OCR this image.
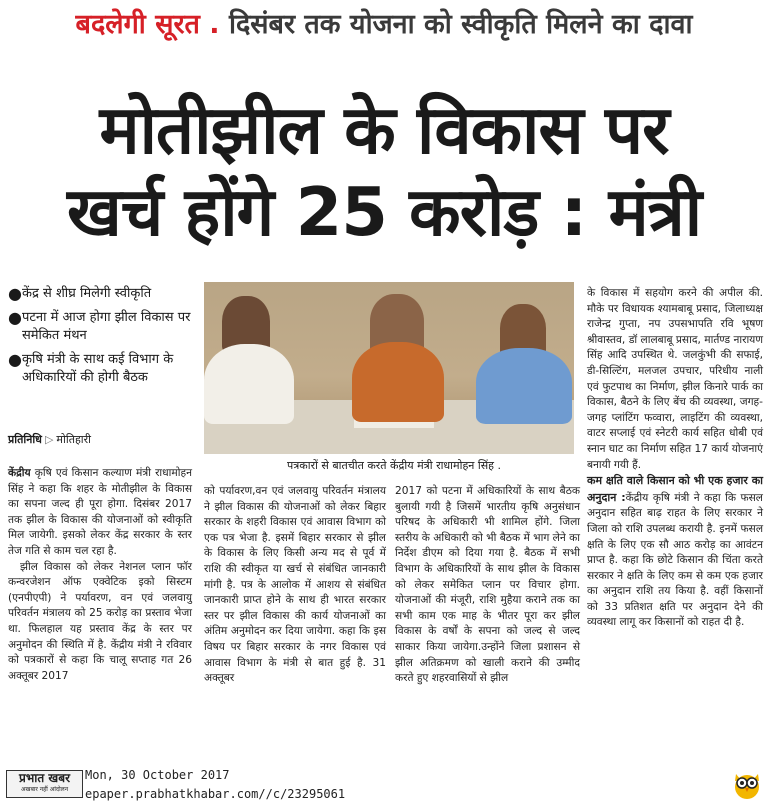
बदलेगी सूरत . दिसंबर तक योजना को स्वीकृति मिलने का दावा
मोतीझील के विकास पर
खर्च होंगे 25 करोड़ : मंत्री
● केंद्र से शीघ्र मिलेगी स्वीकृति
● पटना में आज होगा झील विकास पर समेकित मंथन
● कृषि मंत्री के साथ कई विभाग के अधिकारियों की होगी बैठक
प्रतिनिधि ▷ मोतिहारी
पत्रकारों से बातचीत करते केंद्रीय मंत्री राधामोहन सिंह .

केंद्रीय कृषि एवं किसान कल्याण मंत्री राधामोहन सिंह ने कहा कि शहर के मोतीझील के विकास का सपना जल्द ही पूरा होगा. दिसंबर 2017 तक झील के विकास की योजनाओं को स्वीकृति मिल जायेगी. इसको लेकर केंद्र सरकार के स्तर तेज गति से काम चल रहा है.

झील विकास को लेकर नेशनल प्लान फॉर कन्वरजेशन ऑफ एक्वेटिक इको सिस्टम (एनपीएपी) ने पर्यावरण, वन एवं जलवायु परिवर्तन मंत्रालय को 25 करोड़ का प्रस्ताव भेजा था. फिलहाल यह प्रस्ताव केंद्र के स्तर पर अनुमोदन की स्थिति में है. केंद्रीय मंत्री ने रविवार को पत्रकारों से कहा कि चालू सप्ताह गत 26 अक्तूबर 2017

को पर्यावरण,वन एवं जलवायु परिवर्तन मंत्रालय ने झील विकास की योजनाओं को लेकर बिहार सरकार के शहरी विकास एवं आवास विभाग को एक पत्र भेजा है. इसमें बिहार सरकार से झील के विकास के लिए किसी अन्य मद से पूर्व में राशि की स्वीकृत या खर्च से संबंधित जानकारी मांगी है. पत्र के आलोक में आशय से संबंधित जानकारी प्राप्त होने के साथ ही भारत सरकार स्तर पर झील विकास की कार्य योजनाओं का अंतिम अनुमोदन कर दिया जायेगा. कहा कि इस विषय पर बिहार सरकार के नगर विकास एवं आवास विभाग के मंत्री से बात हुई है. 31 अक्तूबर

2017 को पटना में अधिकारियों के साथ बैठक बुलायी गयी है जिसमें भारतीय कृषि अनुसंधान परिषद के अधिकारी भी शामिल होंगे. जिला स्तरीय के अधिकारी को भी बैठक में भाग लेने का निर्देश डीएम को दिया गया है. बैठक में सभी विभाग के अधिकारियों के साथ झील के विकास को लेकर समेकित प्लान पर विचार होगा. योजनाओं की मंजूरी, राशि मुहैया कराने तक का सभी काम एक माह के भीतर पूरा कर झील विकास के वर्षों के सपना को जल्द से जल्द साकार किया जायेगा.उन्होंने जिला प्रशासन से झील अतिक्रमण को खाली कराने की उम्मीद करते हुए शहरवासियों से झील

के विकास में सहयोग करने की अपील की. मौके पर विधायक श्यामबाबू प्रसाद, जिलाध्यक्ष राजेन्द्र गुप्ता, नप उपसभापति रवि भूषण श्रीवास्तव, डॉ लालबाबू प्रसाद, मार्तण्ड नारायण सिंह आदि उपस्थित थे. जलकुंभी की सफाई, डी-सिल्टिंग, मलजल उपचार, परिधीय नाली एवं फुटपाथ का निर्माण, झील किनारे पार्क का विकास, बैठने के लिए बेंच की व्यवस्था, जगह-जगह प्लांटिंग फव्वारा, लाइटिंग की व्यवस्था, वाटर सप्लाई एवं स्नेटरी कार्य सहित धोबी एवं स्नान घाट का निर्माण सहित 17 कार्य योजनाएं बनायी गयी हैं.

कम क्षति वाले किसान को भी एक हजार का अनुदान :केंद्रीय कृषि मंत्री ने कहा कि फसल अनुदान सहित बाढ़ राहत के लिए सरकार ने जिला को राशि उपलब्ध करायी है. इनमें फसल क्षति के लिए एक सौ आठ करोड़ का आवंटन प्राप्त है. कहा कि छोटे किसान की चिंता करते सरकार ने क्षति के लिए कम से कम एक हजार का अनुदान राशि तय किया है. वहीं किसानों को 33 प्रतिशत क्षति पर अनुदान देने की व्यवस्था लागू कर किसानों को राहत दी है.

प्रभात खबर
अखबार नहीं आंदोलन
Mon, 30 October 2017
epaper.prabhatkhabar.com//c/23295061
